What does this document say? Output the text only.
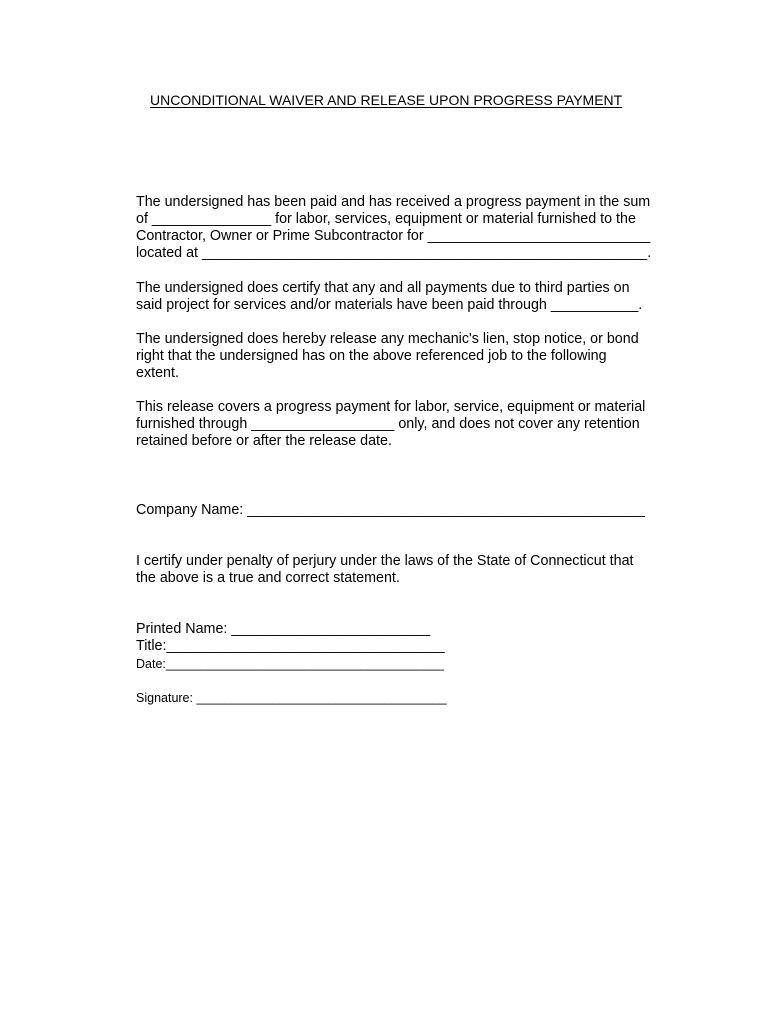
UNCONDITIONAL WAIVER AND RELEASE UPON PROGRESS PAYMENT
The undersigned has been paid and has received a progress payment in the sum
of _______________ for labor, services, equipment or material furnished to the
Contractor, Owner or Prime Subcontractor for ____________________________
located at ________________________________________________________.
The undersigned does certify that any and all payments due to third parties on
said project for services and/or materials have been paid through ___________.
The undersigned does hereby release any mechanic's lien, stop notice, or bond
right that the undersigned has on the above referenced job to the following
extent.
This release covers a progress payment for labor, service, equipment or material
furnished through __________________ only, and does not cover any retention
retained before or after the release date.
Company Name: __________________________________________________
I certify under penalty of perjury under the laws of the State of Connecticut that
the above is a true and correct statement.
Printed Name: _________________________
Title:___________________________________
Date:________________________________________
Signature: ____________________________________
